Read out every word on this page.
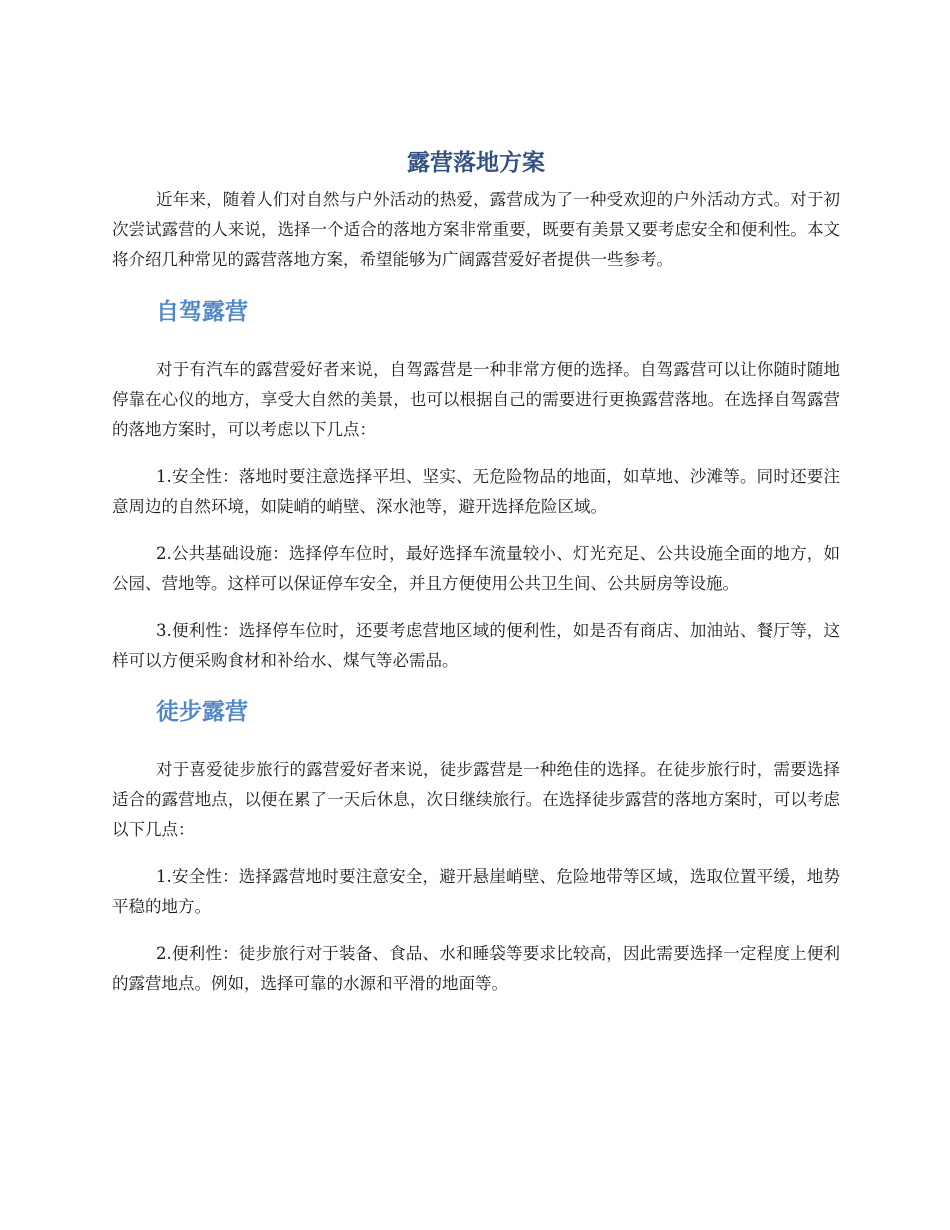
露营落地方案

近年来，随着人们对自然与户外活动的热爱，露营成为了一种受欢迎的户外活动方式。对于初次尝试露营的人来说，选择一个适合的落地方案非常重要，既要有美景又要考虑安全和便利性。本文将介绍几种常见的露营落地方案，希望能够为广阔露营爱好者提供一些参考。

自驾露营

对于有汽车的露营爱好者来说，自驾露营是一种非常方便的选择。自驾露营可以让你随时随地停靠在心仪的地方，享受大自然的美景，也可以根据自己的需要进行更换露营落地。在选择自驾露营的落地方案时，可以考虑以下几点：

1.安全性：落地时要注意选择平坦、坚实、无危险物品的地面，如草地、沙滩等。同时还要注意周边的自然环境，如陡峭的峭壁、深水池等，避开选择危险区域。

2.公共基础设施：选择停车位时，最好选择车流量较小、灯光充足、公共设施全面的地方，如公园、营地等。这样可以保证停车安全，并且方便使用公共卫生间、公共厨房等设施。

3.便利性：选择停车位时，还要考虑营地区域的便利性，如是否有商店、加油站、餐厅等，这样可以方便采购食材和补给水、煤气等必需品。

徒步露营

对于喜爱徒步旅行的露营爱好者来说，徒步露营是一种绝佳的选择。在徒步旅行时，需要选择适合的露营地点，以便在累了一天后休息，次日继续旅行。在选择徒步露营的落地方案时，可以考虑以下几点：

1.安全性：选择露营地时要注意安全，避开悬崖峭壁、危险地带等区域，选取位置平缓，地势平稳的地方。

2.便利性：徒步旅行对于装备、食品、水和睡袋等要求比较高，因此需要选择一定程度上便利的露营地点。例如，选择可靠的水源和平滑的地面等。
